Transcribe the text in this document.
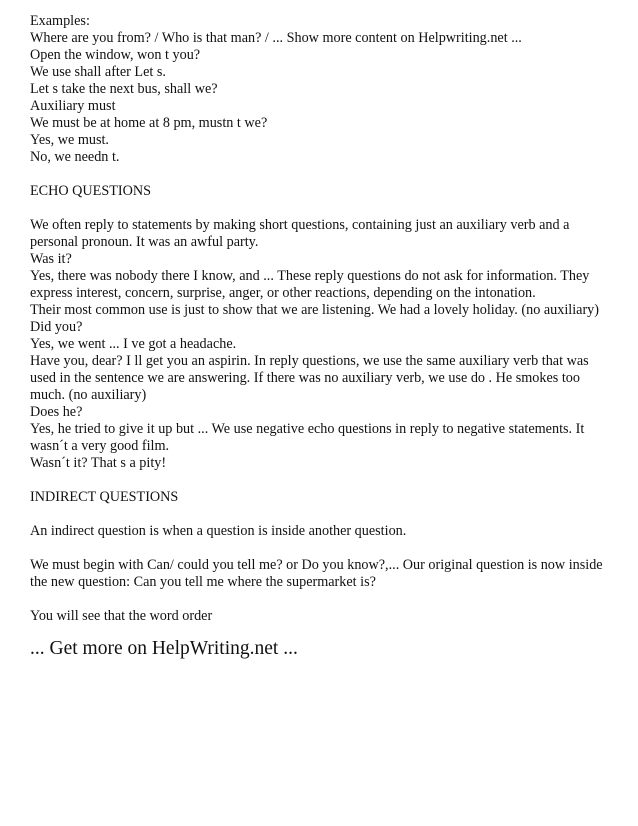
Examples:
Where are you from? / Who is that man? / ... Show more content on Helpwriting.net ...
Open the window, won t you?
We use shall after Let s.
Let s take the next bus, shall we?
Auxiliary must
We must be at home at 8 pm, mustn t we?
Yes, we must.
No, we needn t.
ECHO QUESTIONS
We often reply to statements by making short questions, containing just an auxiliary verb and a
personal pronoun. It was an awful party.
Was it?
Yes, there was nobody there I know, and ... These reply questions do not ask for information. They
express interest, concern, surprise, anger, or other reactions, depending on the intonation.
Their most common use is just to show that we are listening. We had a lovely holiday. (no auxiliary)
Did you?
Yes, we went ... I ve got a headache.
Have you, dear? I ll get you an aspirin. In reply questions, we use the same auxiliary verb that was
used in the sentence we are answering. If there was no auxiliary verb, we use do . He smokes too
much. (no auxiliary)
Does he?
Yes, he tried to give it up but ... We use negative echo questions in reply to negative statements. It
wasn´t a very good film.
Wasn´t it? That s a pity!
INDIRECT QUESTIONS
An indirect question is when a question is inside another question.
We must begin with Can/ could you tell me? or Do you know?,... Our original question is now inside
the new question: Can you tell me where the supermarket is?
You will see that the word order
... Get more on HelpWriting.net ...
